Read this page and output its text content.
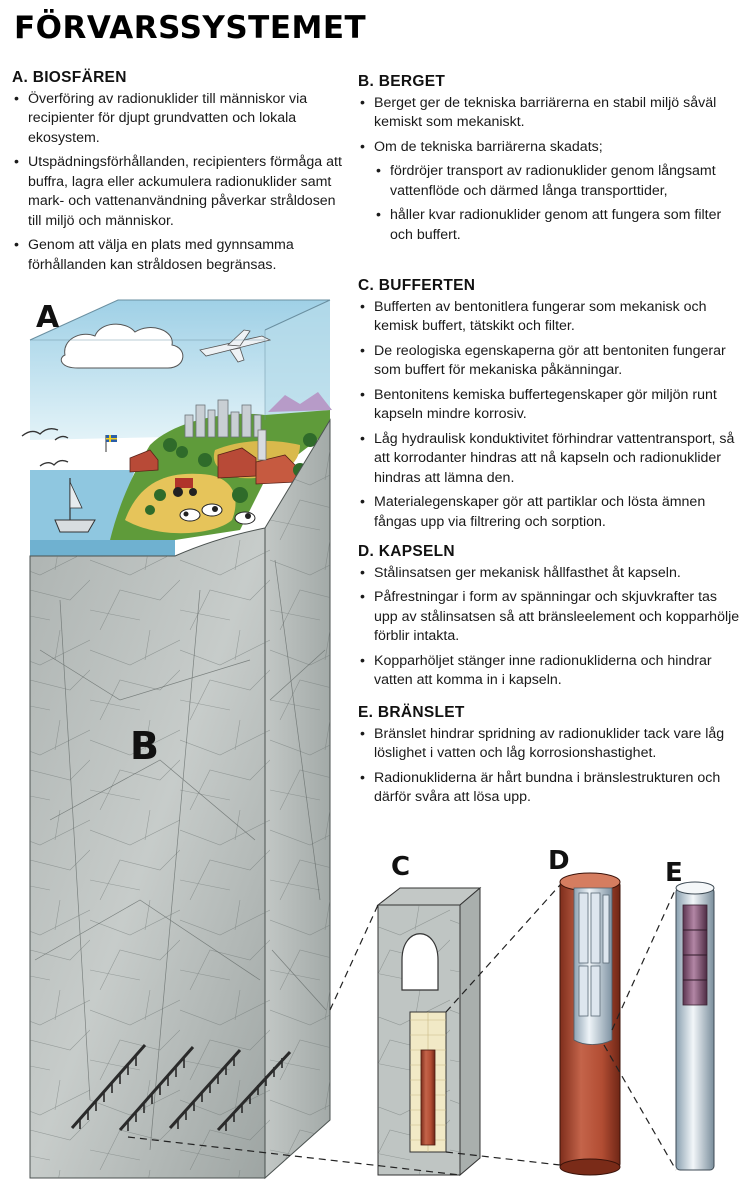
FÖRVARSSYSTEMET
A. BIOSFÄREN
• Överföring av radionuklider till människor via recipienter för djupt grundvatten och lokala ekosystem.
• Utspädningsförhållanden, recipienters förmåga att buffra, lagra eller ackumulera radionuklider samt mark- och vattenanvändning påverkar stråldosen till miljö och människor.
• Genom att välja en plats med gynnsamma förhållanden kan stråldosen begränsas.
B. BERGET
• Berget ger de tekniska barriärerna en stabil miljö såväl kemiskt som mekaniskt.
• Om de tekniska barriärerna skadats;
• fördröjer transport av radionuklider genom långsamt vattenflöde och därmed långa transporttider,
• håller kvar radionuklider genom att fungera som filter och buffert.
C. BUFFERTEN
• Bufferten av bentonitlera fungerar som mekanisk och kemisk buffert, tätskikt och filter.
• De reologiska egenskaperna gör att bentoniten fungerar som buffert för mekaniska påkänningar.
• Bentonitens kemiska buffertegenskaper gör miljön runt kapseln mindre korrosiv.
• Låg hydraulisk konduktivitet förhindrar vattentransport, så att korrodanter hindras att nå kapseln och radionuklider hindras att lämna den.
• Materialegenskaper gör att partiklar och lösta ämnen fångas upp via filtrering och sorption.
D. KAPSELN
• Stålinsatsen ger mekanisk hållfasthet åt kapseln.
• Påfrestningar i form av spänningar och skjuvkrafter tas upp av stålinsatsen så att bränsleelement och kopparhölje förblir intakta.
• Kopparhöljet stänger inne radionukliderna och hindrar vatten att komma in i kapseln.
E. BRÄNSLET
• Bränslet hindrar spridning av radionuklider tack vare låg löslighet i vatten och låg korrosionshastighet.
• Radionukliderna är hårt bundna i bränslestrukturen och därför svåra att lösa upp.
A
B
C	D	E
